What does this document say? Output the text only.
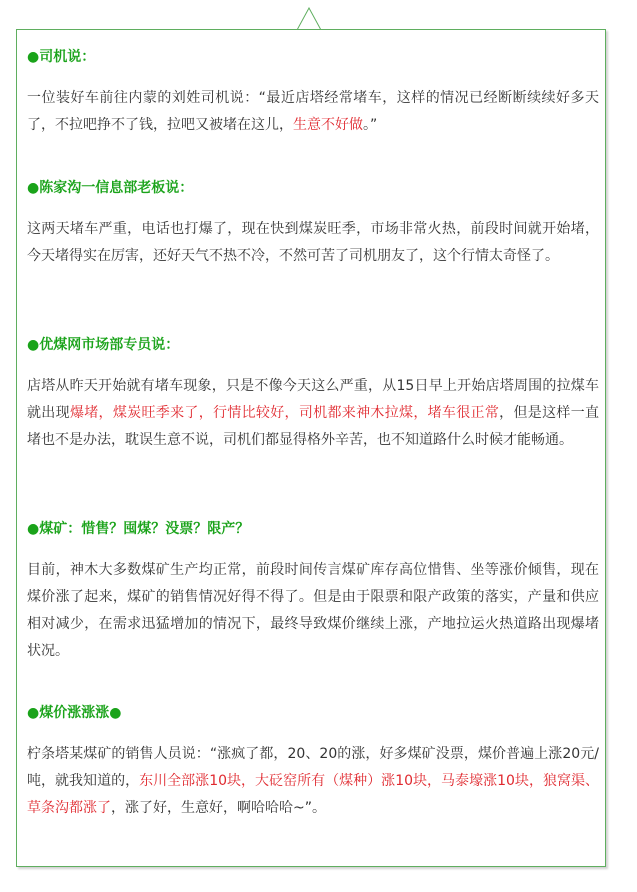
●司机说：

一位装好车前往内蒙的刘姓司机说：“最近店塔经常堵车，这样的情况已经断断续续好多天了，不拉吧挣不了钱，拉吧又被堵在这儿，生意不好做。”

●陈家沟一信息部老板说：

这两天堵车严重，电话也打爆了，现在快到煤炭旺季，市场非常火热，前段时间就开始堵，今天堵得实在厉害，还好天气不热不冷，不然可苦了司机朋友了，这个行情太奇怪了。

●优煤网市场部专员说：

店塔从昨天开始就有堵车现象，只是不像今天这么严重，从15日早上开始店塔周围的拉煤车就出现爆堵，煤炭旺季来了，行情比较好，司机都来神木拉煤，堵车很正常，但是这样一直堵也不是办法，耽误生意不说，司机们都显得格外辛苦，也不知道路什么时候才能畅通。

●煤矿：惜售？囤煤？没票？限产？

目前，神木大多数煤矿生产均正常，前段时间传言煤矿库存高位惜售、坐等涨价倾售，现在煤价涨了起来，煤矿的销售情况好得不得了。但是由于限票和限产政策的落实，产量和供应相对减少，在需求迅猛增加的情况下，最终导致煤价继续上涨，产地拉运火热道路出现爆堵状况。

●煤价涨涨涨●

柠条塔某煤矿的销售人员说：“涨疯了都，20、20的涨，好多煤矿没票，煤价普遍上涨20元/吨，就我知道的，东川全部涨10块，大砭窑所有（煤种）涨10块，马泰壕涨10块，狼窝渠、草条沟都涨了，涨了好，生意好，啊哈哈哈~”。
